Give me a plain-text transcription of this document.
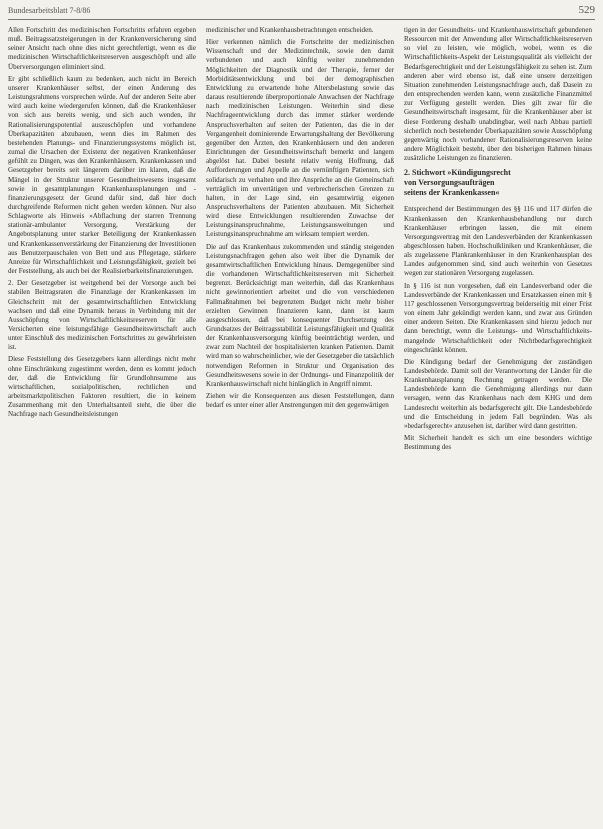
Bundesarbeitsblatt 7-8/86	529

Allen Fortschritt des medizinischen Fortschritts erfahren ergeben muß. Beitragssatzsteigerungen in der Krankenversicherung sind seiner Ansicht nach ohne dies nicht gerechtfertigt, wenn es die medizinischen Wirtschaftlichkeitsreserven ausgeschöpft und alle Überversorgungen eliminiert sind.

Er gibt schließlich kaum zu bedenken, auch nicht im Bereich unserer Krankenhäuser selbst, der einen Änderung des Leistungsrahmens vorsprechen würde. Auf der anderen Seite aber wird auch keine wiedergerufen können, daß die Krankenhäuser von sich aus bereits wenig, und sich auch wenden, ihr Rationalisierungspotential auszuschöpfen und vorhandene Überkapazitäten abzubauen, wenn dies im Rahmen des bestehenden Planungs- und Finanzierungssystems möglich ist, zumal die Ursachen der Existenz der negativen Krankenhäuser gefühlt zu Dingen, was den Krankenhäusern. Krankenkassen und Gesetzgeber bereits seit längerem darüber im klaren, daß die Mängel in der Struktur unserer Gesundheitswesens insgesamt sowie in gesamtplanungen Krankenhausplanungen und -finanzierungsgesetz der Grund dafür sind, daß hier doch durchgreifende Reformen nicht gehen werden können. Nur also Schlagworte als Hinweis »Abflachung der starren Trennung stationär-ambulanter Versorgung, Verstärkung der Angebotsplanung unter starker Beteiligung der Krankenkassen und Krankenkassenverstärkung der Finanzierung der Investitionen aus Benutzerpauschalen von Bett und aus Pflegetage, stärkere Anreize für Wirtschaftlichkeit und Leistungsfähigkeit, gezielt bei der Feststellung, als auch bei der Realisierbarkeitsfinanzierungen.

2. Der Gesetzgeber ist weitgehend bei der Vorsorge auch bei stabilen Beitragsraten die Finanzlage der Krankenkassen im Gleichschritt mit der gesamtwirtschaftlichen Entwicklung wachsen und daß eine Dynamik heraus in Verbindung mit der Ausschöpfung von Wirtschaftlichkeitsreserven für alle Versicherten eine leistungsfähige Gesundheitswirtschaft auch unter Einschluß des medizinischen Fortschrittes zu gewährleisten ist.

Diese Feststellung des Gesetzgebers kann allerdings nicht mehr ohne Einschränkung zugestimmt werden, denn es kommt jedoch der, daß die Entwicklung für Grundlohnsumme aus wirtschaftlichen, sozialpolitischen, rechtlichen und arbeitsmarktpolitischen Faktoren resultiert, die in keinem Zusammenhang mit den Unterhaltsanteil steht, die über die Nachfrage nach Gesundheitsleistungen

medizinischer und Krankenhausbetrachtungen entscheiden.

Hier verkennen nämlich die Fortschritte der medizinischen Wissenschaft und der Medizintechnik, sowie den damit verbundenen und auch künftig weiter zunehmenden Möglichkeiten der Diagnostik und der Therapie, ferner der Morbiditätsentwicklung und bei der demographischen Entwicklung zu erwartende hohe Altersbelastung sowie das daraus resultierende überproportionale Anwachsen der Nachfrage nach medizinischen Leistungen. Weiterhin sind diese Nachfrageentwicklung durch das immer stärker werdende Anspruchsverhalten auf seiten der Patienten, das die in der Vergangenheit dominierende Erwartungshaltung der Bevölkerung gegenüber den Ärzten, den Krankenhäusern und den anderen Einrichtungen der Gesundheitswirtschaft bemerkt und langem abgelöst hat. Dabei besteht relativ wenig Hoffnung, daß Aufforderungen und Appelle an die vernünftigen Patienten, sich solidarisch zu verhalten und ihre Ansprüche an die Gemeinschaft verträglich im unvertätigen und verbrecherischen Grenzen zu halten, in der Lage sind, ein gesamtwirtig eigenen Anspruchsverhaltens der Patienten abzubauen. Mit Sicherheit wird diese Entwicklungen resultierenden Zuwachse der Leistungsinanspruchnahme, Leistungsausweitungen und Leistungsinanspruchnahme am wirksam tempiert werden.

Die auf das Krankenhaus zukommenden und ständig steigenden Leistungsnachfragen gehen also weit über die Dynamik der gesamtwirtschaftlichen Entwicklung hinaus. Demgegenüber sind die vorhandenen Wirtschaftlichkeitsreserven mit Sicherheit begrenzt. Berücksichtigt man weiterhin, daß das Krankenhaus nicht gewinnorientiert arbeitet und die von verschiedenen Fallmaßnahmen bei begrenztem Budget nicht mehr bisher erzielten Gewinnen finanzieren kann, dann ist kaum ausgeschlossen, daß bei konsequenter Durchsetzung des Grundsatzes der Beitragsstabilität Leistungsfähigkeit und Qualität der Krankenhausversorgung künftig beeinträchtigt werden, und zwar zum Nachteil der hospitalisierten kranken Patienten. Damit wird man so wahrscheinlicher, wie der Gesetzgeber die tatsächlich notwendigen Reformen in Struktur und Organisation des Gesundheitswesens sowie in der Ordnungs- und Finanzpolitik der Krankenhauswirtschaft nicht hinlänglich in Angriff nimmt.

Ziehen wir die Konsequenzen aus diesen Feststellungen, dann bedarf es unter einer aller Anstrengungen mit den gegenwärtigen

tigen in der Gesundheits- und Krankenhauswirtschaft gebundenen Ressourcen mit der Anwendung aller Wirtschaftlichkeitsreserven so viel zu leisten, wie möglich, wobei, wenn es die Wirtschaftlichkeits-Aspekt der Leistungsqualität als vielleicht der Bedarfsgerechtigkeit und der Leistungsfähigkeit zu sehen ist. Zum anderen aber wird ebenso ist, daß eine unsere derzeitigen Situation zunehmenden Leistungsnachfrage auch, daß Dasein zu den entsprechenden werden kann, wenn zusätzliche Finanzmittel zur Verfügung gestellt werden. Dies gilt zwar für die Gesundheitswirtschaft insgesamt, für die Krankenhäuser aber ist diese Forderung deshalb unabdingbar, weil nach Abbau partiell sicherlich noch bestehender Überkapazitäten sowie Ausschöpfung gegenwärtig noch vorhandener Rationalisierungsreserven keine andere Möglichkeit besteht, über den bisherigen Rahmen hinaus zusätzliche Leistungen zu finanzieren.

2. Stichwort »Kündigungsrecht
von Versorgungsaufträgen
seitens der Krankenkassen«

Entsprechend der Bestimmungen des §§ 116 und 117 dürfen die Krankenkassen den Krankenhausbehandlung nur durch Krankenhäuser erbringen lassen, die mit einem Versorgungsvertrag mit den Landesverbänden der Krankenkassen abgeschlossen haben. Hochschulkliniken und Krankenhäuser, die als zugelassene Plankrankenhäuser in den Krankenhausplan des Landes aufgenommen sind, sind auch weiterhin von Gesetzes wegen zur stationären Versorgung zugelassen.

In § 116 ist nun vorgesehen, daß ein Landesverband oder die Landesverbände der Krankenkassen und Ersatzkassen einen mit § 117 geschlossenen Versorgungsvertrag beiderseitig mit einer Frist von einem Jahr gekündigt werden kann, und zwar aus Gründen einer anderen Seiten. Die Krankenkassen sind hierzu jedoch nur dann berechtigt, wenn die Leistungs- und Wirtschaftlichkeits- mangelnde Wirtschaftlichkeit oder Nichtbedarfsgerechtigkeit eingeschränkt können.

Die Kündigung bedarf der Genehmigung der zuständigen Landesbehörde. Damit soll der Verantwortung der Länder für die Krankenhausplanung Rechnung getragen werden. Die Landesbehörde kann die Genehmigung allerdings nur dann versagen, wenn das Krankenhaus nach dem KHG und dem Landesrecht weiterhin als bedarfsgerecht gilt. Die Landesbehörde und die Entscheidung in jedem Fall begründen. Was als »bedarfsgerecht« anzusehen ist, darüber wird dann gestritten.

Mit Sicherheit handelt es sich um eine besonders wichtige Bestimmung des
